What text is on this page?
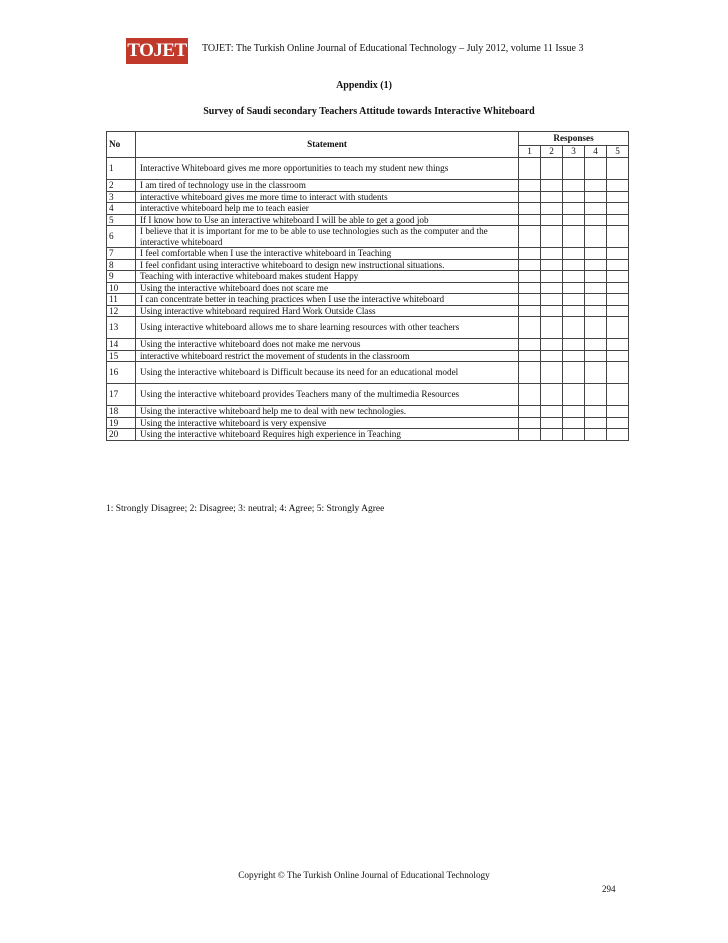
TOJET TOJET: The Turkish Online Journal of Educational Technology – July 2012, volume 11 Issue 3
Appendix (1)
Survey of Saudi secondary Teachers Attitude towards Interactive Whiteboard
No	Statement	Responses				
		1	2	3	4	5
1	Interactive Whiteboard gives me more opportunities to teach my student new things					
2	I am tired of technology use in the classroom					
3	interactive whiteboard gives me more time to interact with students					
4	interactive whiteboard help me to teach easier					
5	If I know how to Use an interactive whiteboard I will be able to get a good job					
6	I believe that it is important for me to be able to use technologies such as the computer and the interactive whiteboard					
7	I feel comfortable when I use the interactive whiteboard in Teaching					
8	I feel confidant using interactive whiteboard to design new instructional situations.					
9	Teaching with interactive whiteboard makes student Happy					
10	Using the interactive whiteboard does not scare me					
11	I can concentrate better in teaching practices when I use the interactive whiteboard					
12	Using interactive whiteboard required Hard Work Outside Class					
13	Using interactive whiteboard allows me to share learning resources with other teachers					
14	Using the interactive whiteboard does not make me nervous					
15	interactive whiteboard restrict the movement of students in the classroom					
16	Using the interactive whiteboard is Difficult because its need for an educational model					
17	Using the interactive whiteboard provides Teachers many of the multimedia Resources					
18	Using the interactive whiteboard help me to deal with new technologies.					
19	Using the interactive whiteboard is very expensive					
20	Using the interactive whiteboard Requires high experience in Teaching					
1: Strongly Disagree; 2: Disagree; 3: neutral; 4: Agree; 5: Strongly Agree
Copyright © The Turkish Online Journal of Educational Technology
294
